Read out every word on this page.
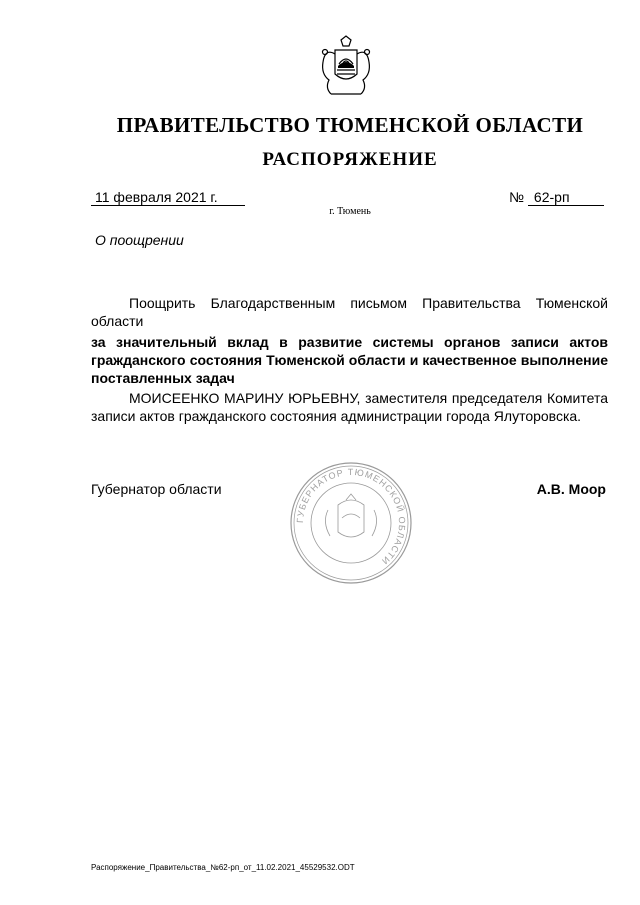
ПРАВИТЕЛЬСТВО ТЮМЕНСКОЙ ОБЛАСТИ
РАСПОРЯЖЕНИЕ
11 февраля 2021 г.	№ 62-рп
г. Тюмень
О поощрении
Поощрить Благодарственным письмом Правительства Тюменской области
за значительный вклад в развитие системы органов записи актов гражданского состояния Тюменской области и качественное выполнение поставленных задач
МОИСЕЕНКО МАРИНУ ЮРЬЕВНУ, заместителя председателя Комитета записи актов гражданского состояния администрации города Ялуторовска.
Губернатор области	А.В. Моор
ГУБЕРНАТОР ТЮМЕНСКОЙ ОБЛАСТИ
Распоряжение_Правительства_№62-рп_от_11.02.2021_45529532.ODT
